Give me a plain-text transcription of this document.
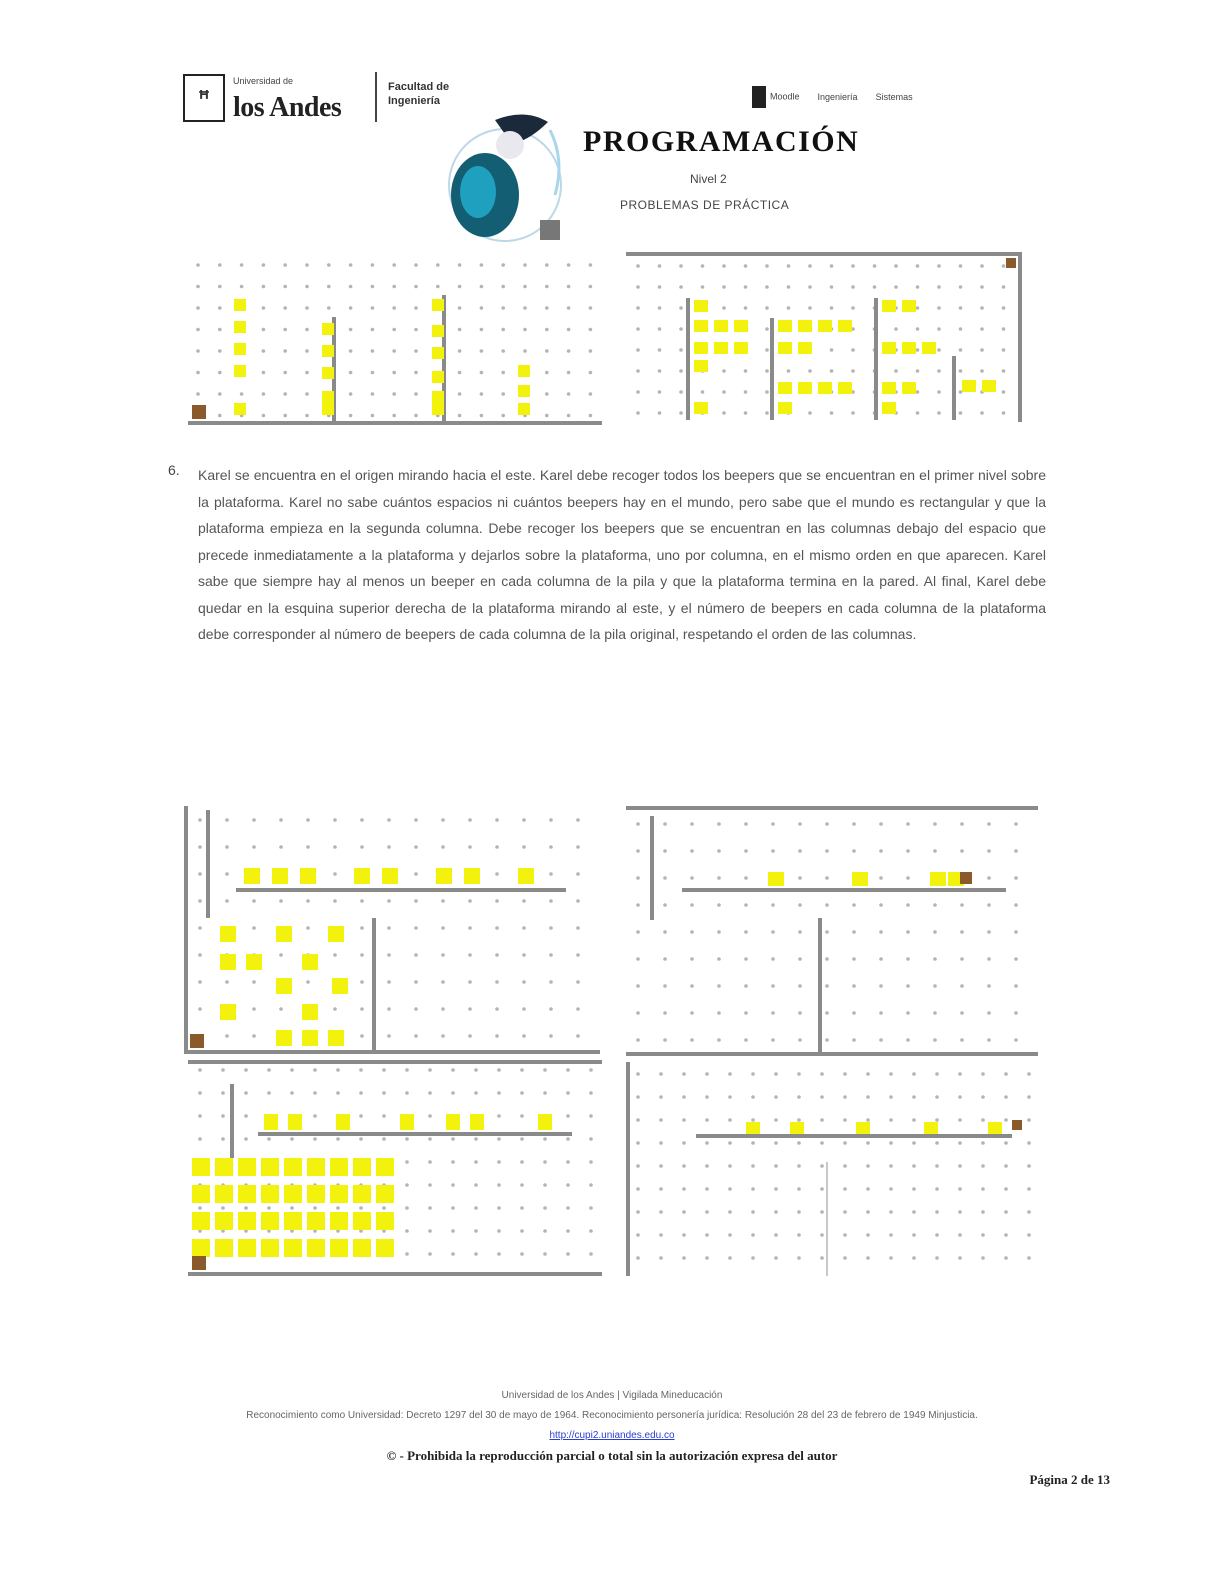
ꟸ
Universidad de
los Andes
Facultad de
Ingeniería	Moodle Ingeniería Sistemas
PROGRAMACIÓN
Nivel 2
PROBLEMAS DE PRÁCTICA
6. Karel se encuentra en el origen mirando hacia el este. Karel debe recoger todos los beepers que se encuentran en el primer nivel sobre la plataforma. Karel no sabe cuántos espacios ni cuántos beepers hay en el mundo, pero sabe que el mundo es rectangular y que la plataforma empieza en la segunda columna. Debe recoger los beepers que se encuentran en las columnas debajo del espacio que precede inmediatamente a la plataforma y dejarlos sobre la plataforma, uno por columna, en el mismo orden en que aparecen. Karel sabe que siempre hay al menos un beeper en cada columna de la pila y que la plataforma termina en la pared. Al final, Karel debe quedar en la esquina superior derecha de la plataforma mirando al este, y el número de beepers en cada columna de la plataforma debe corresponder al número de beepers de cada columna de la pila original, respetando el orden de las columnas.
Universidad de los Andes | Vigilada Mineducación
Reconocimiento como Universidad: Decreto 1297 del 30 de mayo de 1964. Reconocimiento personería jurídica: Resolución 28 del 23 de febrero de 1949 Minjusticia.
http://cupi2.uniandes.edu.co
© - Prohibida la reproducción parcial o total sin la autorización expresa del autor
Página 2 de 13
